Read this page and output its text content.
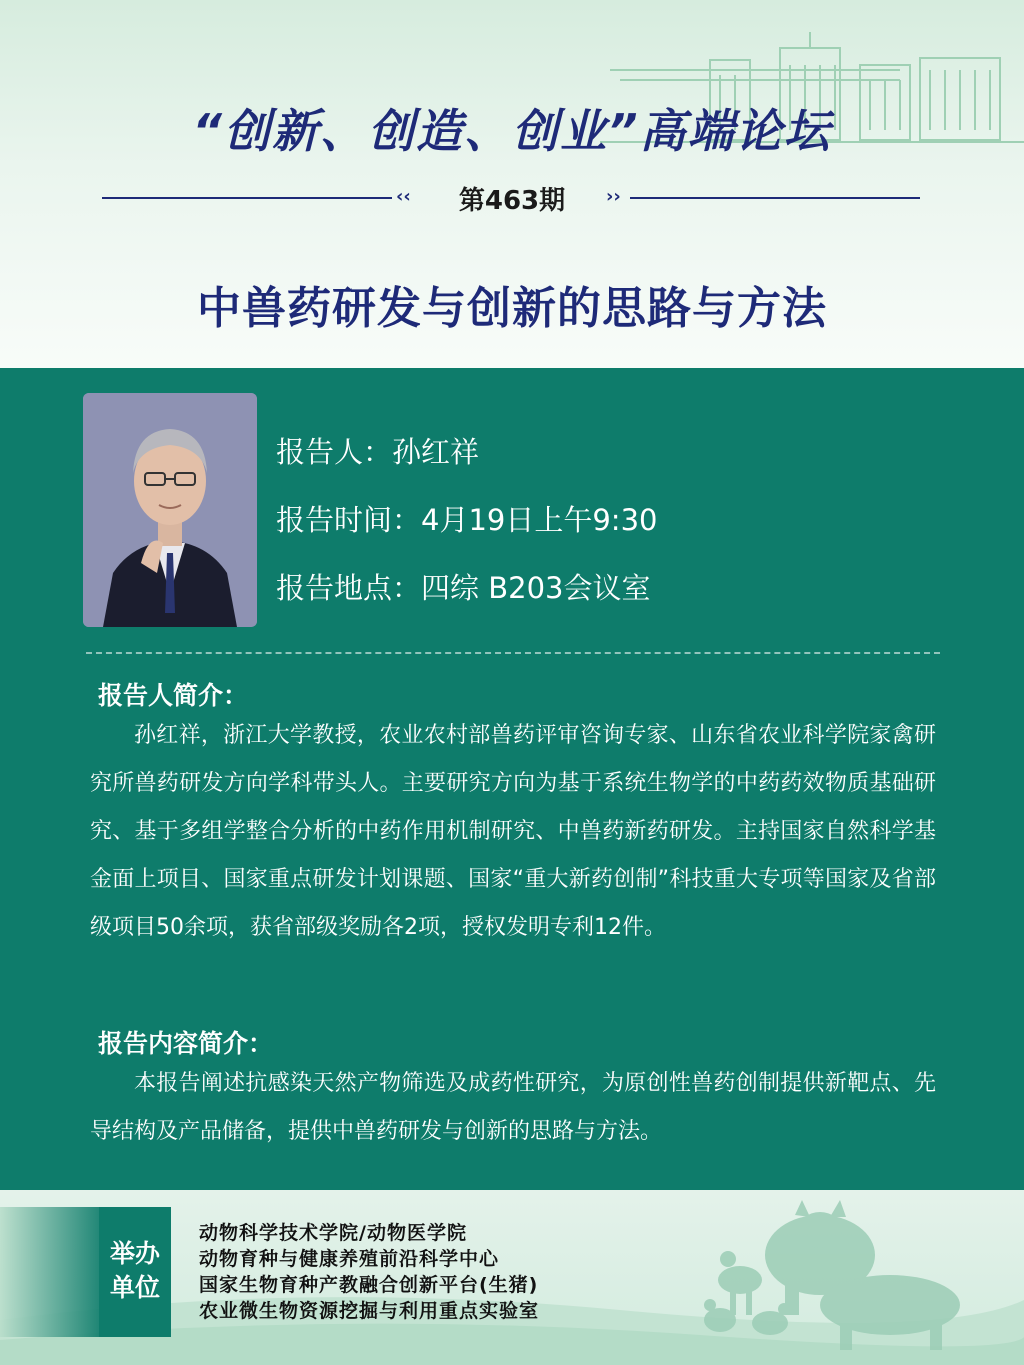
“创新、创造、创业”高端论坛
‹‹	第463期	››
中兽药研发与创新的思路与方法
报告人：孙红祥
报告时间：4月19日上午9:30
报告地点：四综 B203会议室
报告人简介：
孙红祥，浙江大学教授，农业农村部兽药评审咨询专家、山东省农业科学院家禽研究所兽药研发方向学科带头人。主要研究方向为基于系统生物学的中药药效物质基础研究、基于多组学整合分析的中药作用机制研究、中兽药新药研发。主持国家自然科学基金面上项目、国家重点研发计划课题、国家“重大新药创制”科技重大专项等国家及省部级项目50余项，获省部级奖励各2项，授权发明专利12件。
报告内容简介：
本报告阐述抗感染天然产物筛选及成药性研究，为原创性兽药创制提供新靶点、先导结构及产品储备，提供中兽药研发与创新的思路与方法。
举办
单位
动物科学技术学院/动物医学院
动物育种与健康养殖前沿科学中心
国家生物育种产教融合创新平台(生猪)
农业微生物资源挖掘与利用重点实验室
